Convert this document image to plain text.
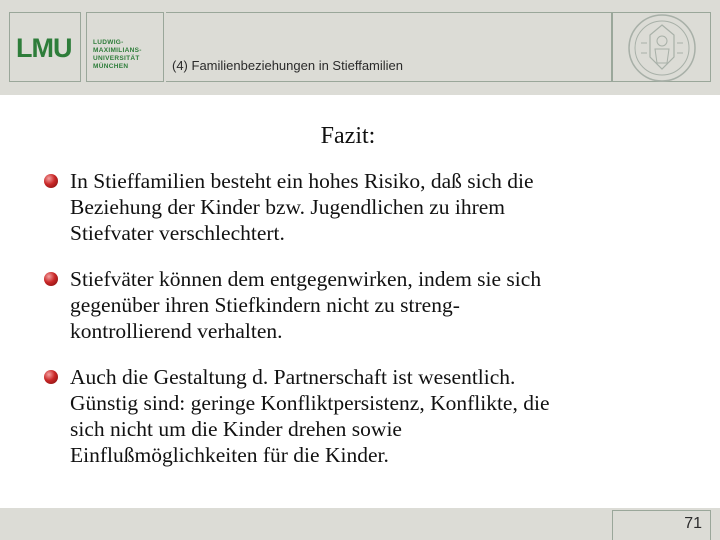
LMU	LUDWIG-
MAXIMILIANS-
UNIVERSITÄT
MÜNCHEN	(4) Familienbeziehungen in Stieffamilien
Fazit:
In Stieffamilien besteht ein hohes Risiko, daß sich die
Beziehung der Kinder bzw. Jugendlichen zu ihrem
Stiefvater verschlechtert.
Stiefväter können dem entgegenwirken, indem sie sich
gegenüber ihren Stiefkindern nicht zu streng-
kontrollierend verhalten.
Auch die Gestaltung d. Partnerschaft ist wesentlich.
Günstig sind: geringe Konfliktpersistenz, Konflikte, die
sich nicht um die Kinder drehen sowie
Einflußmöglichkeiten für die Kinder.
71
